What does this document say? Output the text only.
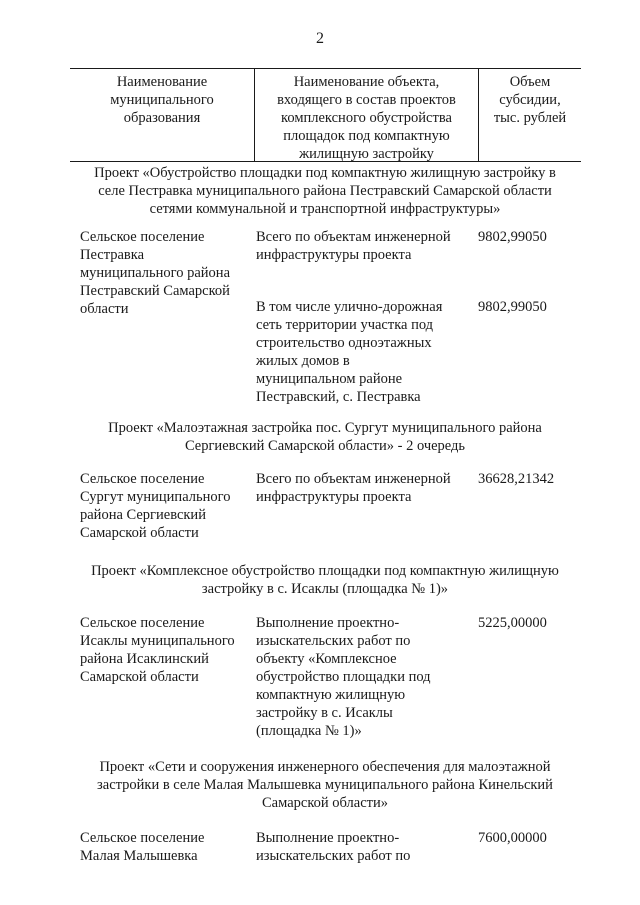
2
Наименование
муниципального
образования
Наименование объекта,
входящего в состав проектов
комплексного обустройства
площадок под компактную
жилищную застройку
Объем
субсидии,
тыс. рублей
Проект «Обустройство площадки под компактную жилищную застройку в
селе Пестравка муниципального района Пестравский Самарской области
сетями коммунальной и транспортной инфраструктуры»
Сельское поселение
Пестравка
муниципального района
Пестравский Самарской
области
Всего по объектам инженерной
инфраструктуры проекта
9802,99050
В том числе улично-дорожная
сеть территории участка под
строительство одноэтажных
жилых домов в
муниципальном районе
Пестравский, с. Пестравка
9802,99050
Проект «Малоэтажная застройка пос. Сургут муниципального района
Сергиевский Самарской области» - 2 очередь
Сельское поселение
Сургут муниципального
района Сергиевский
Самарской области
Всего по объектам инженерной
инфраструктуры проекта
36628,21342
Проект «Комплексное обустройство площадки под компактную жилищную
застройку в с. Исаклы (площадка № 1)»
Сельское поселение
Исаклы муниципального
района Исаклинский
Самарской области
Выполнение проектно-
изыскательских работ по
объекту «Комплексное
обустройство площадки под
компактную жилищную
застройку в с. Исаклы
(площадка № 1)»
5225,00000
Проект «Сети и сооружения инженерного обеспечения для малоэтажной
застройки в селе Малая Малышевка муниципального района Кинельский
Самарской области»
Сельское поселение
Малая Малышевка
Выполнение проектно-
изыскательских работ по
7600,00000
